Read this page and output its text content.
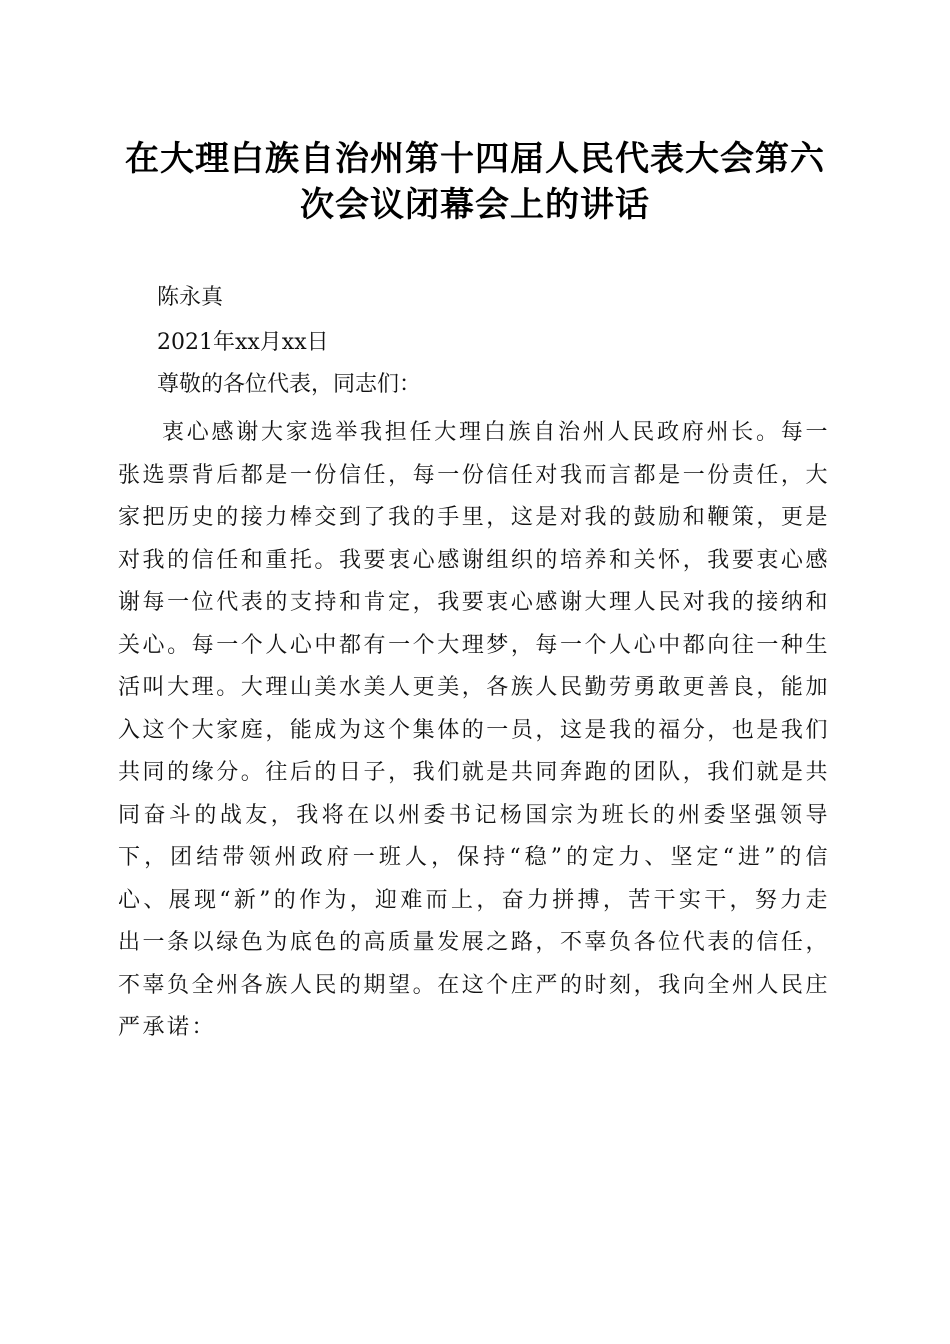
在大理白族自治州第十四届人民代表大会第六次会议闭幕会上的讲话

陈永真

2021年xx月xx日

尊敬的各位代表，同志们：

衷心感谢大家选举我担任大理白族自治州人民政府州长。每一张选票背后都是一份信任，每一份信任对我而言都是一份责任，大家把历史的接力棒交到了我的手里，这是对我的鼓励和鞭策，更是对我的信任和重托。我要衷心感谢组织的培养和关怀，我要衷心感谢每一位代表的支持和肯定，我要衷心感谢大理人民对我的接纳和关心。每一个人心中都有一个大理梦，每一个人心中都向往一种生活叫大理。大理山美水美人更美，各族人民勤劳勇敢更善良，能加入这个大家庭，能成为这个集体的一员，这是我的福分，也是我们共同的缘分。往后的日子，我们就是共同奔跑的团队，我们就是共同奋斗的战友，我将在以州委书记杨国宗为班长的州委坚强领导下，团结带领州政府一班人，保持“稳”的定力、坚定“进”的信心、展现“新”的作为，迎难而上，奋力拼搏，苦干实干，努力走出一条以绿色为底色的高质量发展之路，不辜负各位代表的信任，不辜负全州各族人民的期望。在这个庄严的时刻，我向全州人民庄严承诺：
